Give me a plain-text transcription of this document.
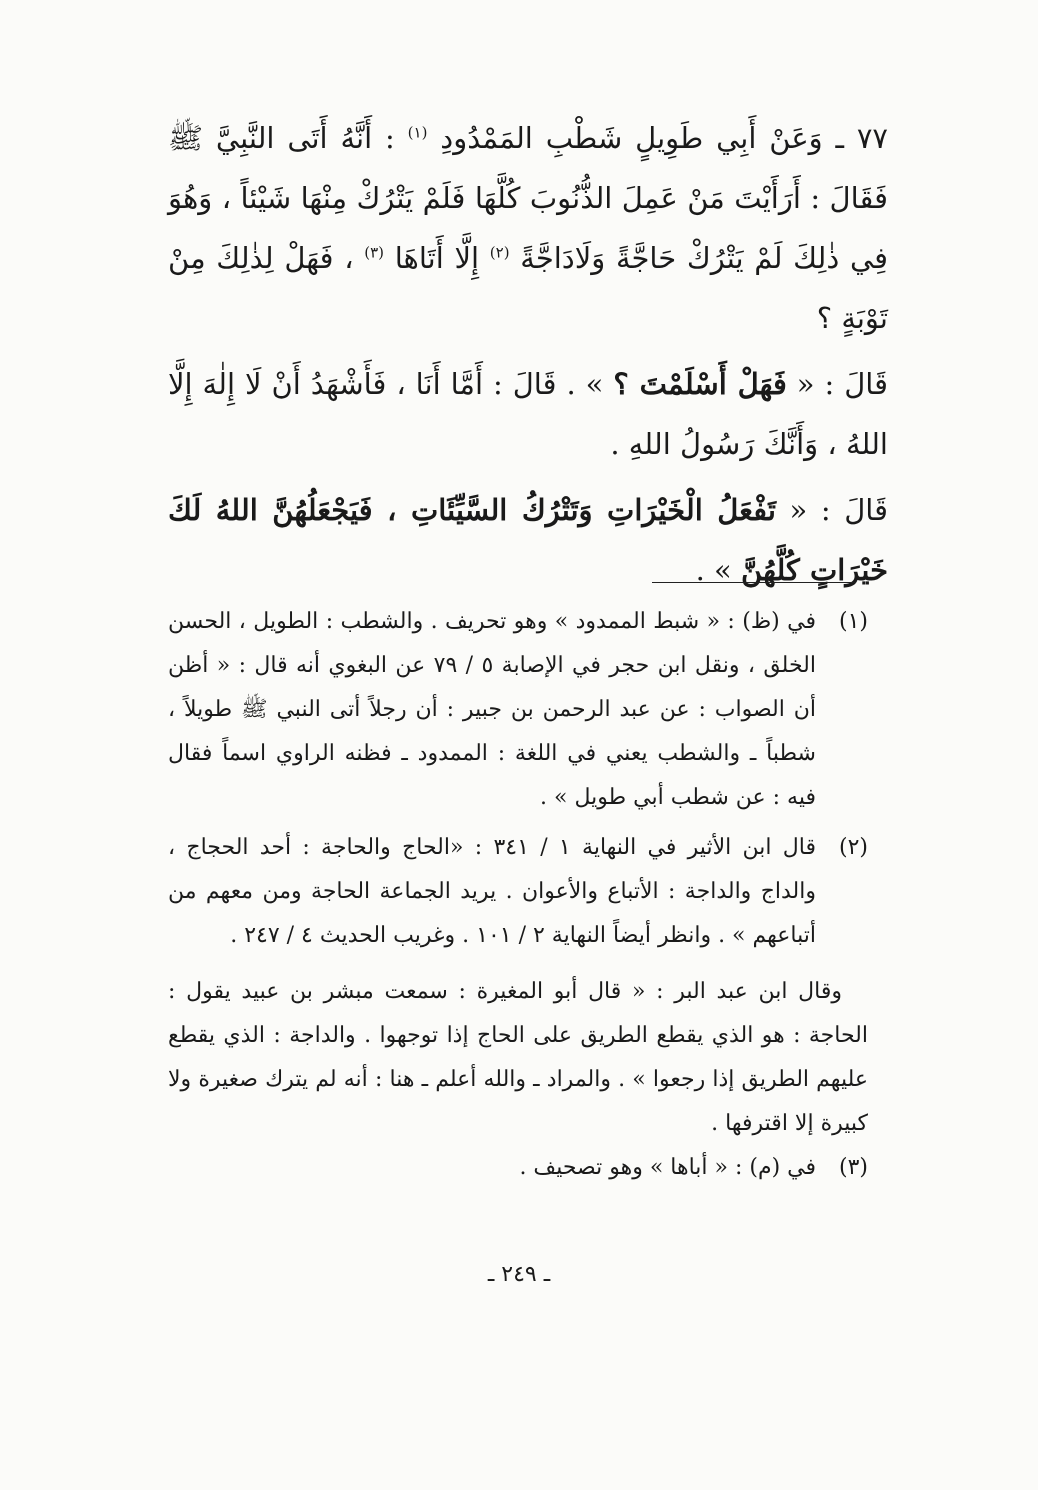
٧٧ ـ وَعَنْ أَبِي طَوِيلٍ شَطْبِ المَمْدُودِ $^{(١)}$ : أَنَّهُ أَتَى النَّبِيَّ ﷺ فَقَالَ : أَرَأَيْتَ مَنْ عَمِلَ الذُّنُوبَ كُلَّهَا فَلَمْ يَتْرُكْ مِنْهَا شَيْئاً ، وَهُوَ فِي ذٰلِكَ لَمْ يَتْرُكْ حَاجَّةً وَلَادَاجَّةً $^{(٢)}$ إِلَّا أَتَاهَا $^{(٣)}$ ، فَهَلْ لِذٰلِكَ مِنْ تَوْبَةٍ ؟

قَالَ : « فَهَلْ أَسْلَمْتَ ؟ » . قَالَ : أَمَّا أَنَا ، فَأَشْهَدُ أَنْ لَا إِلٰهَ إِلَّا اللهُ ، وَأَنَّكَ رَسُولُ اللهِ .

قَالَ : « تَفْعَلُ الْخَيْرَاتِ وَتَتْرُكُ السَّيِّئَاتِ ، فَيَجْعَلُهُنَّ اللهُ لَكَ خَيْرَاتٍ كُلَّهُنَّ » .

(١)
في (ظ) : « شبط الممدود » وهو تحريف . والشطب : الطويل ، الحسن الخلق ، ونقل ابن حجر في الإصابة ٥ / ٧٩ عن البغوي أنه قال : « أظن أن الصواب : عن عبد الرحمن بن جبير : أن رجلاً أتى النبي ﷺ طويلاً ، شطباً ـ والشطب يعني في اللغة : الممدود ـ فظنه الراوي اسماً فقال فيه : عن شطب أبي طويل » .
(٢)
قال ابن الأثير في النهاية ١ / ٣٤١ : «الحاج والحاجة : أحد الحجاج ، والداج والداجة : الأتباع والأعوان . يريد الجماعة الحاجة ومن معهم من أتباعهم » . وانظر أيضاً النهاية ٢ / ١٠١ . وغريب الحديث ٤ / ٢٤٧ .
وقال ابن عبد البر : « قال أبو المغيرة : سمعت مبشر بن عبيد يقول : الحاجة : هو الذي يقطع الطريق على الحاج إذا توجهوا . والداجة : الذي يقطع عليهم الطريق إذا رجعوا » . والمراد ـ والله أعلم ـ هنا : أنه لم يترك صغيرة ولا كبيرة إلا اقترفها .
(٣)
في (م) : « أباها » وهو تصحيف .
ـ ٢٤٩ ـ
